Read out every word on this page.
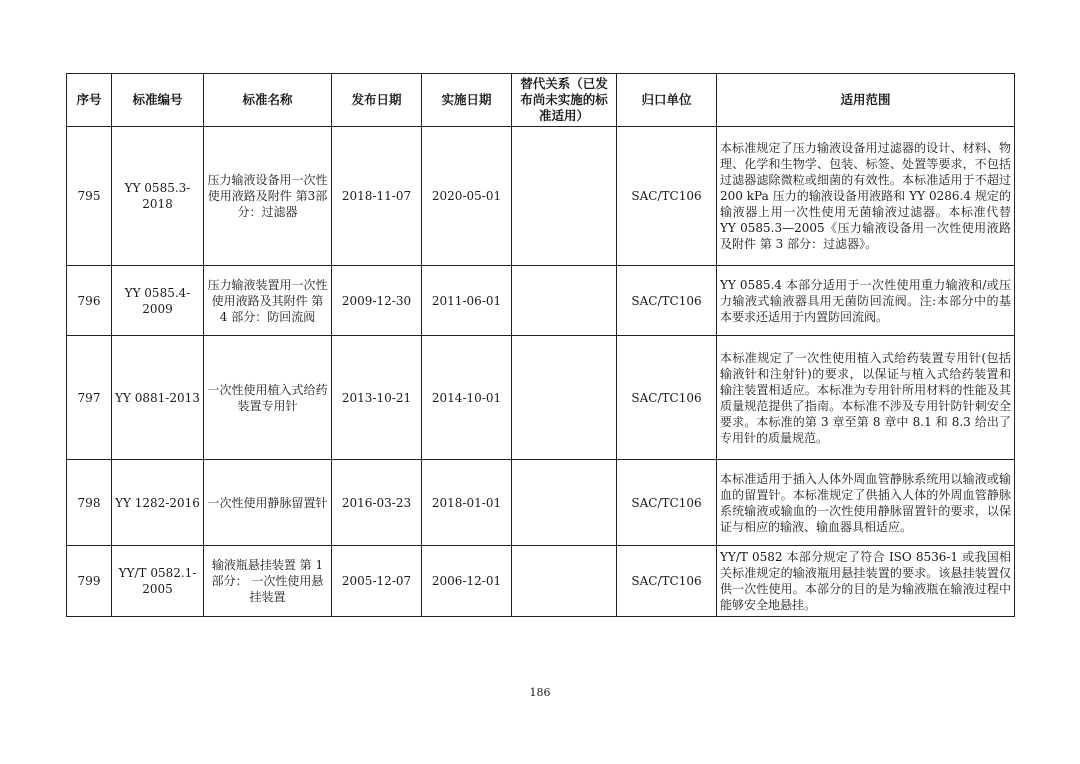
序号	标准编号	标准名称	发布日期	实施日期	替代关系（已发布尚未实施的标准适用）	归口单位	适用范围
795	YY 0585.3-2018	压力输液设备用一次性使用液路及附件 第3部分：过滤器	2018-11-07	2020-05-01		SAC/TC106	本标准规定了压力输液设备用过滤器的设计、材料、物理、化学和生物学、包装、标签、处置等要求，不包括过滤器滤除微粒或细菌的有效性。本标准适用于不超过 200 kPa 压力的输液设备用液路和 YY 0286.4 规定的输液器上用一次性使用无菌输液过滤器。本标准代替 YY 0585.3—2005《压力输液设备用一次性使用液路及附件 第 3 部分：过滤器》。
796	YY 0585.4-2009	压力输液装置用一次性使用液路及其附件 第 4 部分：防回流阀	2009-12-30	2011-06-01		SAC/TC106	YY 0585.4 本部分适用于一次性使用重力输液和/或压力输液式输液器具用无菌防回流阀。注:本部分中的基本要求还适用于内置防回流阀。
797	YY 0881-2013	一次性使用植入式给药装置专用针	2013-10-21	2014-10-01		SAC/TC106	本标准规定了一次性使用植入式给药装置专用针(包括输液针和注射针)的要求，以保证与植入式给药装置和输注装置相适应。本标准为专用针所用材料的性能及其质量规范提供了指南。本标准不涉及专用针防针刺安全要求。本标准的第 3 章至第 8 章中 8.1 和 8.3 给出了专用针的质量规范。
798	YY 1282-2016	一次性使用静脉留置针	2016-03-23	2018-01-01		SAC/TC106	本标准适用于插入人体外周血管静脉系统用以输液或输血的留置针。本标准规定了供插入人体的外周血管静脉系统输液或输血的一次性使用静脉留置针的要求，以保证与相应的输液、输血器具相适应。
799	YY/T 0582.1-2005	输液瓶悬挂装置 第 1 部分： 一次性使用悬挂装置	2005-12-07	2006-12-01		SAC/TC106	YY/T 0582 本部分规定了符合 ISO 8536-1 或我国相关标准规定的输液瓶用悬挂装置的要求。该悬挂装置仅供一次性使用。本部分的目的是为输液瓶在输液过程中能够安全地悬挂。
186
